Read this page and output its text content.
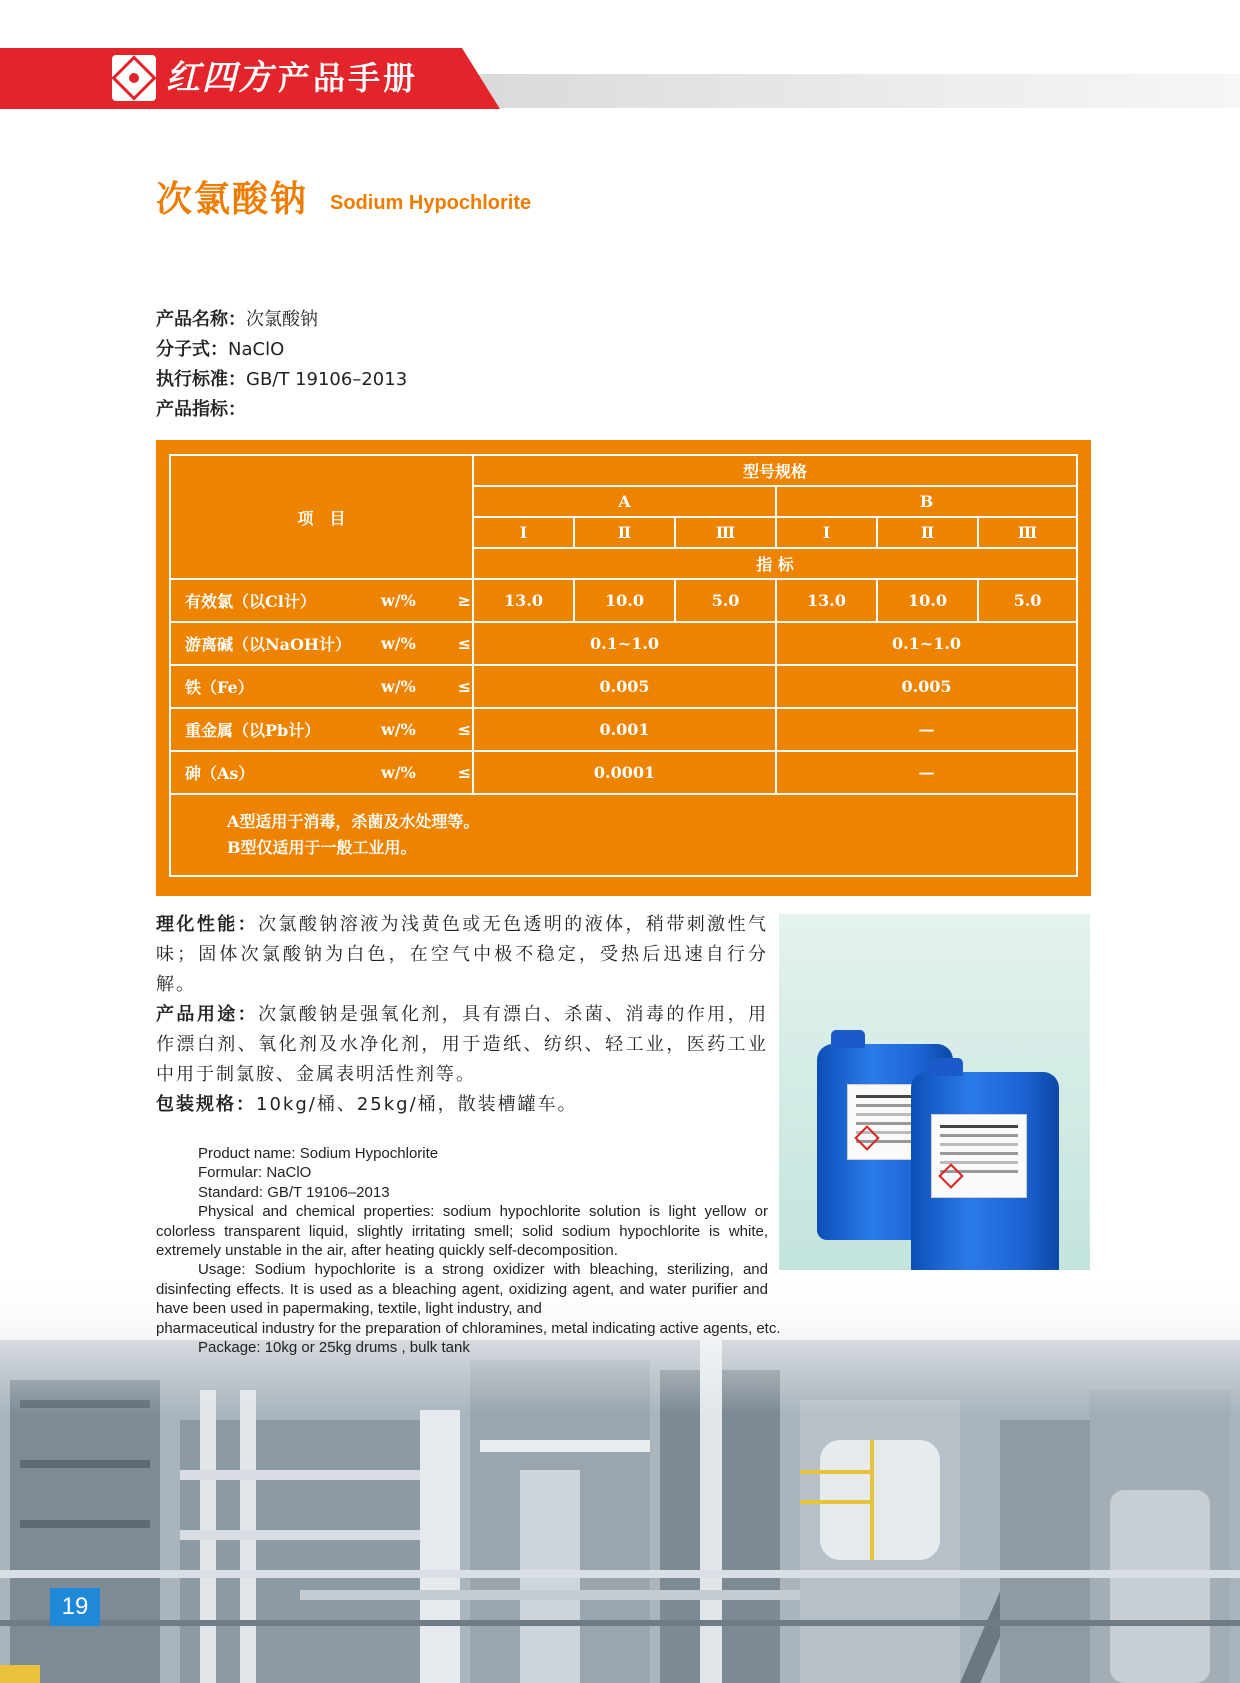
红四方 产品手册
次氯酸钠 Sodium Hypochlorite
产品名称：次氯酸钠
分子式：NaClO
执行标准：GB/T 19106–2013
产品指标：
项　目	型号规格					
	A			B		
	Ⅰ	Ⅱ	Ⅲ	Ⅰ	Ⅱ	Ⅲ
	指 标					

有效氯（以Cl计） w/% ≥	13.0	10.0	5.0	13.0	10.0	5.0

游离碱（以NaOH计） w/% ≤	0.1~1.0			0.1~1.0		

铁（Fe） w/% ≤	0.005			0.005		

重金属（以Pb计） w/% ≤	0.001			—		

砷（As） w/% ≤	0.0001			—		

A型适用于消毒，杀菌及水处理等。
B型仅适用于一般工业用。						

理化性能：次氯酸钠溶液为浅黄色或无色透明的液体，稍带刺激性气味；固体次氯酸钠为白色，在空气中极不稳定，受热后迅速自行分解。

产品用途：次氯酸钠是强氧化剂，具有漂白、杀菌、消毒的作用，用作漂白剂、氧化剂及水净化剂，用于造纸、纺织、轻工业，医药工业中用于制氯胺、金属表明活性剂等。

包装规格：10kg/桶、25kg/桶，散装槽罐车。

Product name: Sodium Hypochlorite

Formular: NaClO

Standard: GB/T 19106–2013

Physical and chemical properties: sodium hypochlorite solution is light yellow or colorless transparent liquid, slightly irritating smell; solid sodium hypochlorite is white, extremely unstable in the air, after heating quickly self-decomposition.

Usage: Sodium hypochlorite is a strong oxidizer with bleaching, sterilizing, and disinfecting effects. It is used as a bleaching agent, oxidizing agent, and water purifier and have been used in papermaking, textile, light industry, and

pharmaceutical industry for the preparation of chloramines, metal indicating active agents, etc.

Package: 10kg or 25kg drums , bulk tank

19
